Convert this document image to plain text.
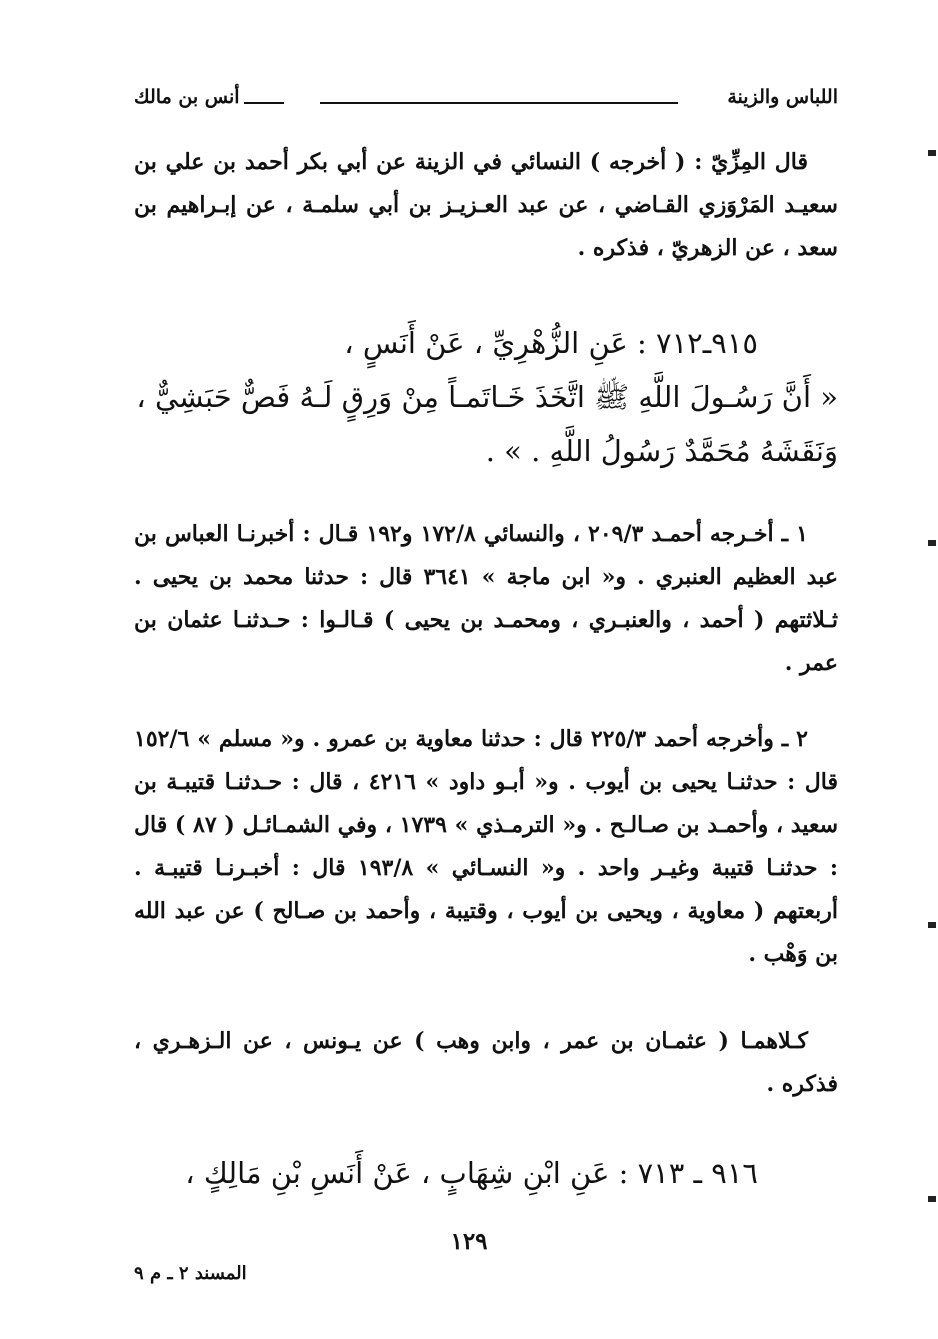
اللباس والزينة
أنس بن مالك

قال المِزِّيّ : ( أخرجه ) النسائي في الزينة عن أبي بكر أحمد بن علي بن سعيـد المَرْوَزي القـاضي ، عن عبد العـزيـز بن أبي سلمـة ، عن إبـراهيم بن سعد ، عن الزهريّ ، فذكره .

٩١٥ـ٧١٢ : عَنِ الزُّهْرِيِّ ، عَنْ أَنَسٍ ،

« أَنَّ رَسُـولَ اللَّهِ ﷺ اتَّخَذَ خَـاتَمـاً مِنْ وَرِقٍ لَـهُ فَصٌّ حَبَشِيٌّ ،

وَنَقَشَهُ مُحَمَّدٌ رَسُولُ اللَّهِ . » .

١ ـ أخـرجه أحمـد ٢٠٩/٣ ، والنسائي ١٧٢/٨ و١٩٢ قـال : أخبرنـا العباس بن عبد العظيم العنبري . و« ابن ماجة » ٣٦٤١ قال : حدثنا محمد بن يحيى . ثـلاثتهم ( أحمد ، والعنبـري ، ومحمـد بن يحيى ) قـالـوا : حـدثنـا عثمان بن عمر .

٢ ـ وأخرجه أحمد ٢٢٥/٣ قال : حدثنا معاوية بن عمرو . و« مسلم » ١٥٢/٦ قال : حدثنـا يحيى بن أيوب . و« أبـو داود » ٤٢١٦ ، قال : حـدثنـا قتيبـة بن سعيد ، وأحمـد بن صـالـح . و« الترمـذي » ١٧٣٩ ، وفي الشمـائـل ( ٨٧ ) قال : حدثنـا قتيبة وغيـر واحد . و« النسـائي » ١٩٣/٨ قال : أخبـرنـا قتيبـة . أربعتهم ( معاوية ، ويحيى بن أيوب ، وقتيبة ، وأحمد بن صـالح ) عن عبد الله بن وَهْب .

كـلاهمـا ( عثمـان بن عمر ، وابن وهب ) عن يـونس ، عن الـزهـري ، فذكره .

٩١٦ ـ ٧١٣ : عَنِ ابْنِ شِهَابٍ ، عَنْ أَنَسِ بْنِ مَالِكٍ ،

١٢٩
المسند ٢ ـ م ٩
